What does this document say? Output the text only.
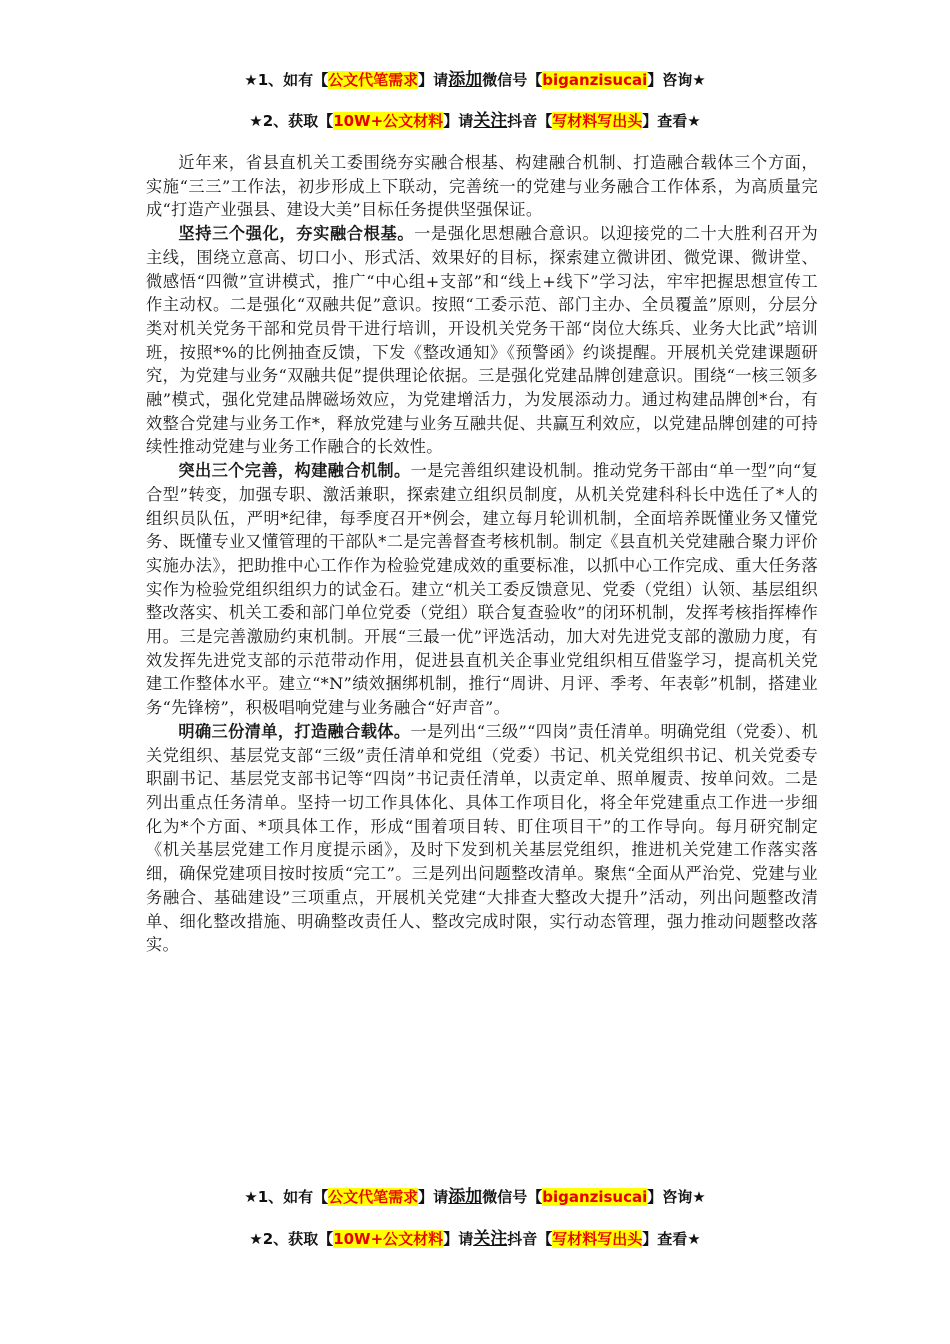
★1、如有【公文代笔需求】请添加微信号【biganzisucai】咨询★
★2、获取【10W+公文材料】请关注抖音【写材料写出头】查看★

近年来，省县直机关工委围绕夯实融合根基、构建融合机制、打造融合载体三个方面，实施“三三”工作法，初步形成上下联动，完善统一的党建与业务融合工作体系，为高质量完成“打造产业强县、建设大美”目标任务提供坚强保证。

坚持三个强化，夯实融合根基。一是强化思想融合意识。以迎接党的二十大胜利召开为主线，围绕立意高、切口小、形式活、效果好的目标，探索建立微讲团、微党课、微讲堂、微感悟“四微”宣讲模式，推广“中心组+支部”和“线上+线下”学习法，牢牢把握思想宣传工作主动权。二是强化“双融共促”意识。按照“工委示范、部门主办、全员覆盖”原则，分层分类对机关党务干部和党员骨干进行培训，开设机关党务干部“岗位大练兵、业务大比武”培训班，按照*%的比例抽查反馈，下发《整改通知》《预警函》约谈提醒。开展机关党建课题研究，为党建与业务“双融共促”提供理论依据。三是强化党建品牌创建意识。围绕“一核三领多融”模式，强化党建品牌磁场效应，为党建增活力，为发展添动力。通过构建品牌创*台，有效整合党建与业务工作*，释放党建与业务互融共促、共赢互利效应，以党建品牌创建的可持续性推动党建与业务工作融合的长效性。

突出三个完善，构建融合机制。一是完善组织建设机制。推动党务干部由“单一型”向“复合型”转变，加强专职、激活兼职，探索建立组织员制度，从机关党建科科长中选任了*人的组织员队伍，严明*纪律，每季度召开*例会，建立每月轮训机制，全面培养既懂业务又懂党务、既懂专业又懂管理的干部队*二是完善督查考核机制。制定《县直机关党建融合聚力评价实施办法》，把助推中心工作作为检验党建成效的重要标准，以抓中心工作完成、重大任务落实作为检验党组织组织力的试金石。建立“机关工委反馈意见、党委（党组）认领、基层组织整改落实、机关工委和部门单位党委（党组）联合复查验收”的闭环机制，发挥考核指挥棒作用。三是完善激励约束机制。开展“三最一优”评选活动，加大对先进党支部的激励力度，有效发挥先进党支部的示范带动作用，促进县直机关企事业党组织相互借鉴学习，提高机关党建工作整体水平。建立“*N”绩效捆绑机制，推行“周讲、月评、季考、年表彰”机制，搭建业务“先锋榜”，积极唱响党建与业务融合“好声音”。

明确三份清单，打造融合载体。一是列出“三级”“四岗”责任清单。明确党组（党委）、机关党组织、基层党支部“三级”责任清单和党组（党委）书记、机关党组织书记、机关党委专职副书记、基层党支部书记等“四岗”书记责任清单，以责定单、照单履责、按单问效。二是列出重点任务清单。坚持一切工作具体化、具体工作项目化，将全年党建重点工作进一步细化为*个方面、*项具体工作，形成“围着项目转、盯住项目干”的工作导向。每月研究制定《机关基层党建工作月度提示函》，及时下发到机关基层党组织，推进机关党建工作落实落细，确保党建项目按时按质“完工”。三是列出问题整改清单。聚焦“全面从严治党、党建与业务融合、基础建设”三项重点，开展机关党建“大排查大整改大提升”活动，列出问题整改清单、细化整改措施、明确整改责任人、整改完成时限，实行动态管理，强力推动问题整改落实。

★1、如有【公文代笔需求】请添加微信号【biganzisucai】咨询★
★2、获取【10W+公文材料】请关注抖音【写材料写出头】查看★
